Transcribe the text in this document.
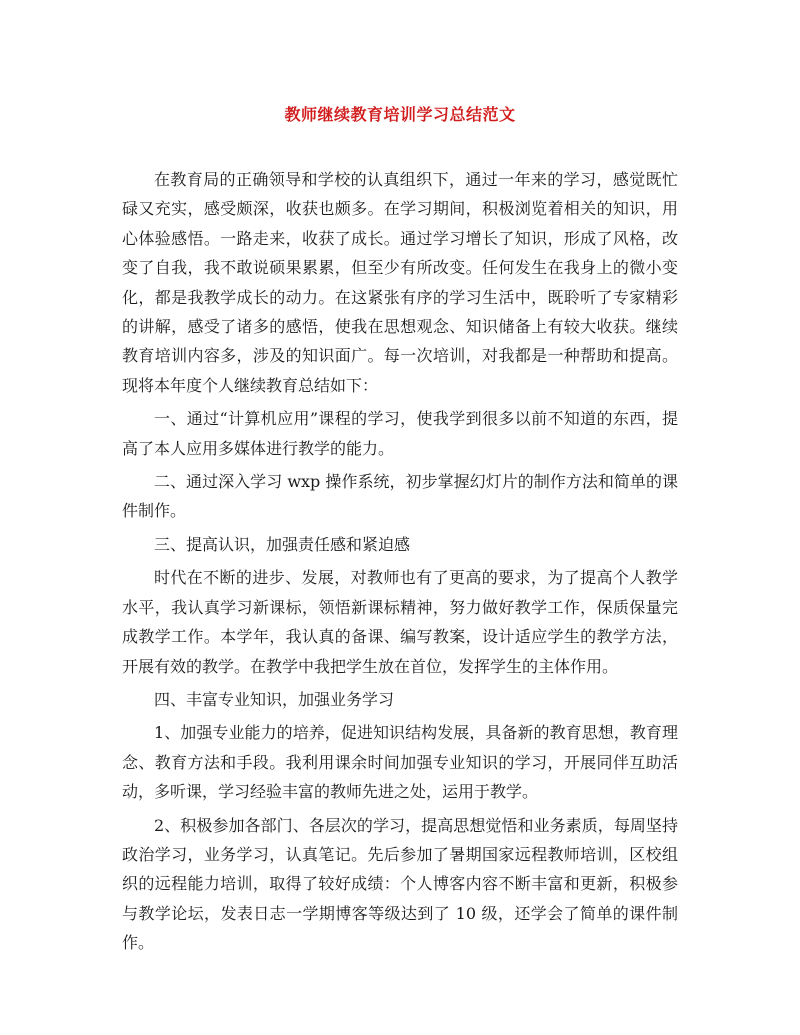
教师继续教育培训学习总结范文

在教育局的正确领导和学校的认真组织下，通过一年来的学习，感觉既忙碌又充实，感受颇深，收获也颇多。在学习期间，积极浏览着相关的知识，用心体验感悟。一路走来，收获了成长。通过学习增长了知识，形成了风格，改变了自我，我不敢说硕果累累，但至少有所改变。任何发生在我身上的微小变化，都是我教学成长的动力。在这紧张有序的学习生活中，既聆听了专家精彩的讲解，感受了诸多的感悟，使我在思想观念、知识储备上有较大收获。继续教育培训内容多，涉及的知识面广。每一次培训，对我都是一种帮助和提高。现将本年度个人继续教育总结如下：

一、通过“计算机应用”课程的学习，使我学到很多以前不知道的东西，提高了本人应用多媒体进行教学的能力。

二、通过深入学习 wxp 操作系统，初步掌握幻灯片的制作方法和简单的课件制作。

三、提高认识，加强责任感和紧迫感

时代在不断的进步、发展，对教师也有了更高的要求，为了提高个人教学水平，我认真学习新课标，领悟新课标精神，努力做好教学工作，保质保量完成教学工作。本学年，我认真的备课、编写教案，设计适应学生的教学方法，开展有效的教学。在教学中我把学生放在首位，发挥学生的主体作用。

四、丰富专业知识，加强业务学习

1、加强专业能力的培养，促进知识结构发展，具备新的教育思想，教育理念、教育方法和手段。我利用课余时间加强专业知识的学习，开展同伴互助活动，多听课，学习经验丰富的教师先进之处，运用于教学。

2、积极参加各部门、各层次的学习，提高思想觉悟和业务素质，每周坚持政治学习，业务学习，认真笔记。先后参加了暑期国家远程教师培训，区校组织的远程能力培训，取得了较好成绩：个人博客内容不断丰富和更新，积极参与教学论坛，发表日志一学期博客等级达到了 10 级，还学会了简单的课件制作。
